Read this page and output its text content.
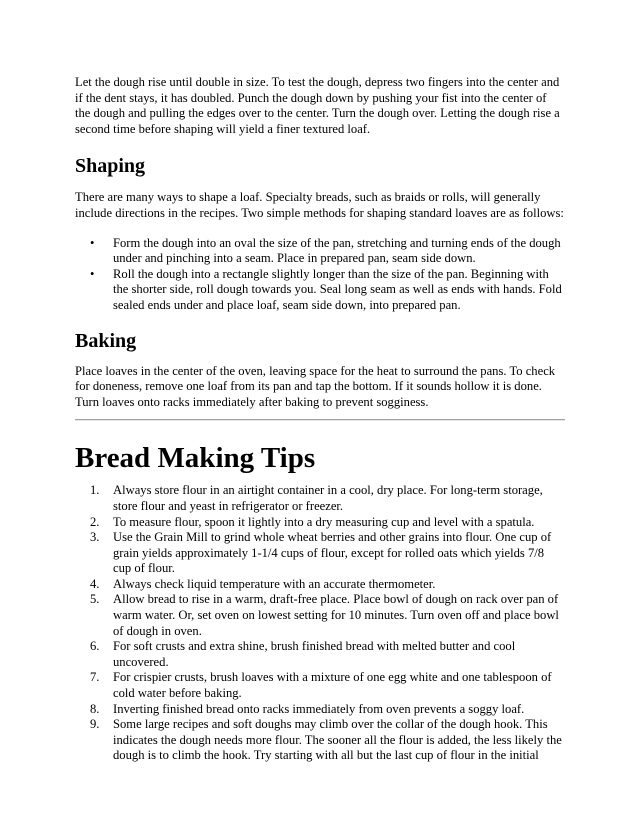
Let the dough rise until double in size. To test the dough, depress two fingers into the center and if the dent stays, it has doubled. Punch the dough down by pushing your fist into the center of the dough and pulling the edges over to the center. Turn the dough over. Letting the dough rise a second time before shaping will yield a finer textured loaf.

Shaping

There are many ways to shape a loaf. Specialty breads, such as braids or rolls, will generally include directions in the recipes. Two simple methods for shaping standard loaves are as follows:

• Form the dough into an oval the size of the pan, stretching and turning ends of the dough under and pinching into a seam. Place in prepared pan, seam side down.
• Roll the dough into a rectangle slightly longer than the size of the pan. Beginning with the shorter side, roll dough towards you. Seal long seam as well as ends with hands. Fold sealed ends under and place loaf, seam side down, into prepared pan.
Baking

Place loaves in the center of the oven, leaving space for the heat to surround the pans. To check for doneness, remove one loaf from its pan and tap the bottom. If it sounds hollow it is done. Turn loaves onto racks immediately after baking to prevent sogginess.

Bread Making Tips
1. Always store flour in an airtight container in a cool, dry place. For long-term storage, store flour and yeast in refrigerator or freezer.
2. To measure flour, spoon it lightly into a dry measuring cup and level with a spatula.
3. Use the Grain Mill to grind whole wheat berries and other grains into flour. One cup of grain yields approximately 1-1/4 cups of flour, except for rolled oats which yields 7/8 cup of flour.
4. Always check liquid temperature with an accurate thermometer.
5. Allow bread to rise in a warm, draft-free place. Place bowl of dough on rack over pan of warm water. Or, set oven on lowest setting for 10 minutes. Turn oven off and place bowl of dough in oven.
6. For soft crusts and extra shine, brush finished bread with melted butter and cool uncovered.
7. For crispier crusts, brush loaves with a mixture of one egg white and one tablespoon of cold water before baking.
8. Inverting finished bread onto racks immediately from oven prevents a soggy loaf.
9. Some large recipes and soft doughs may climb over the collar of the dough hook. This indicates the dough needs more flour. The sooner all the flour is added, the less likely the dough is to climb the hook. Try starting with all but the last cup of flour in the initial
